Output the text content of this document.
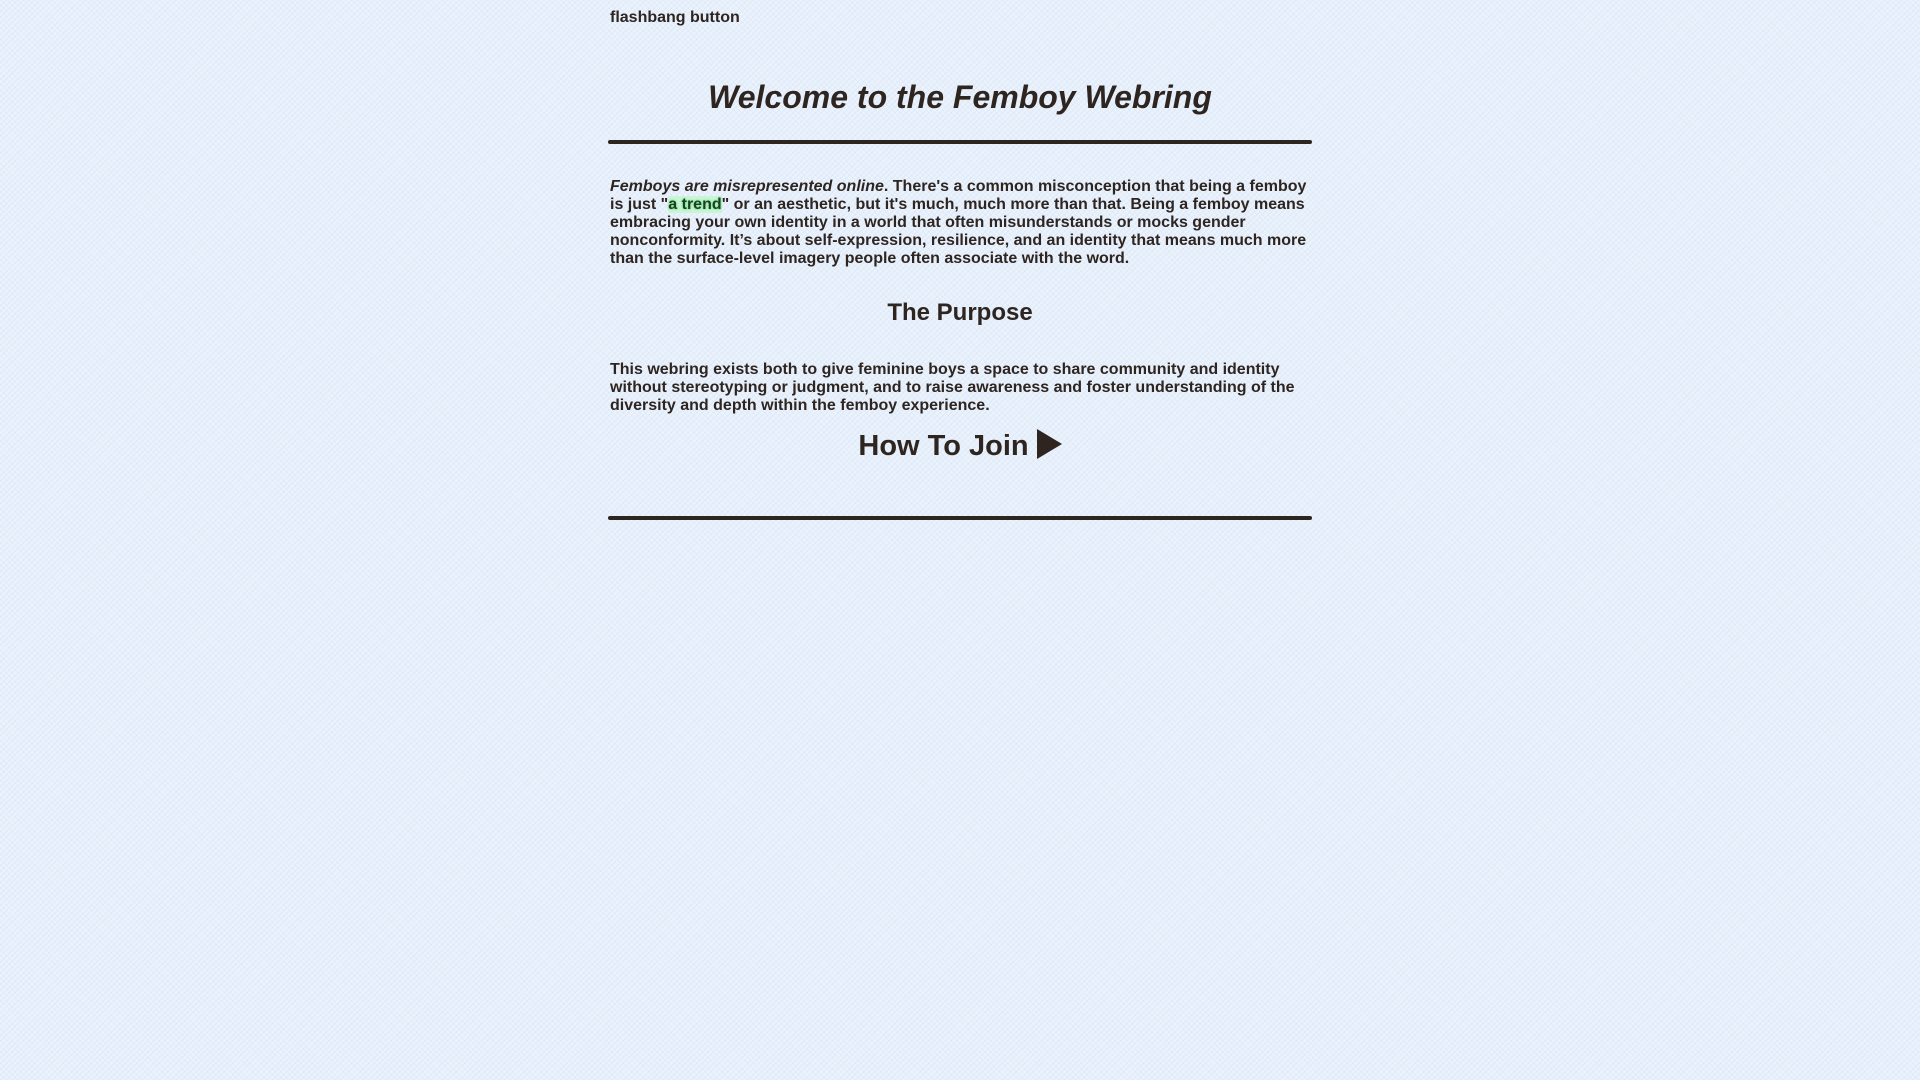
flashbang button
Welcome to the Femboy Webring

Femboys are misrepresented online. There's a common misconception that being a femboy is just "a trend" or an aesthetic, but it's much, much more than that. Being a femboy means embracing your own identity in a world that often misunderstands or mocks gender nonconformity. It’s about self-expression, resilience, and an identity that means much more than the surface-level imagery people often associate with the word.

The Purpose

This webring exists both to give feminine boys a space to share community and identity without stereotyping or judgment, and to raise awareness and foster understanding of the diversity and depth within the femboy experience.

How To Join
